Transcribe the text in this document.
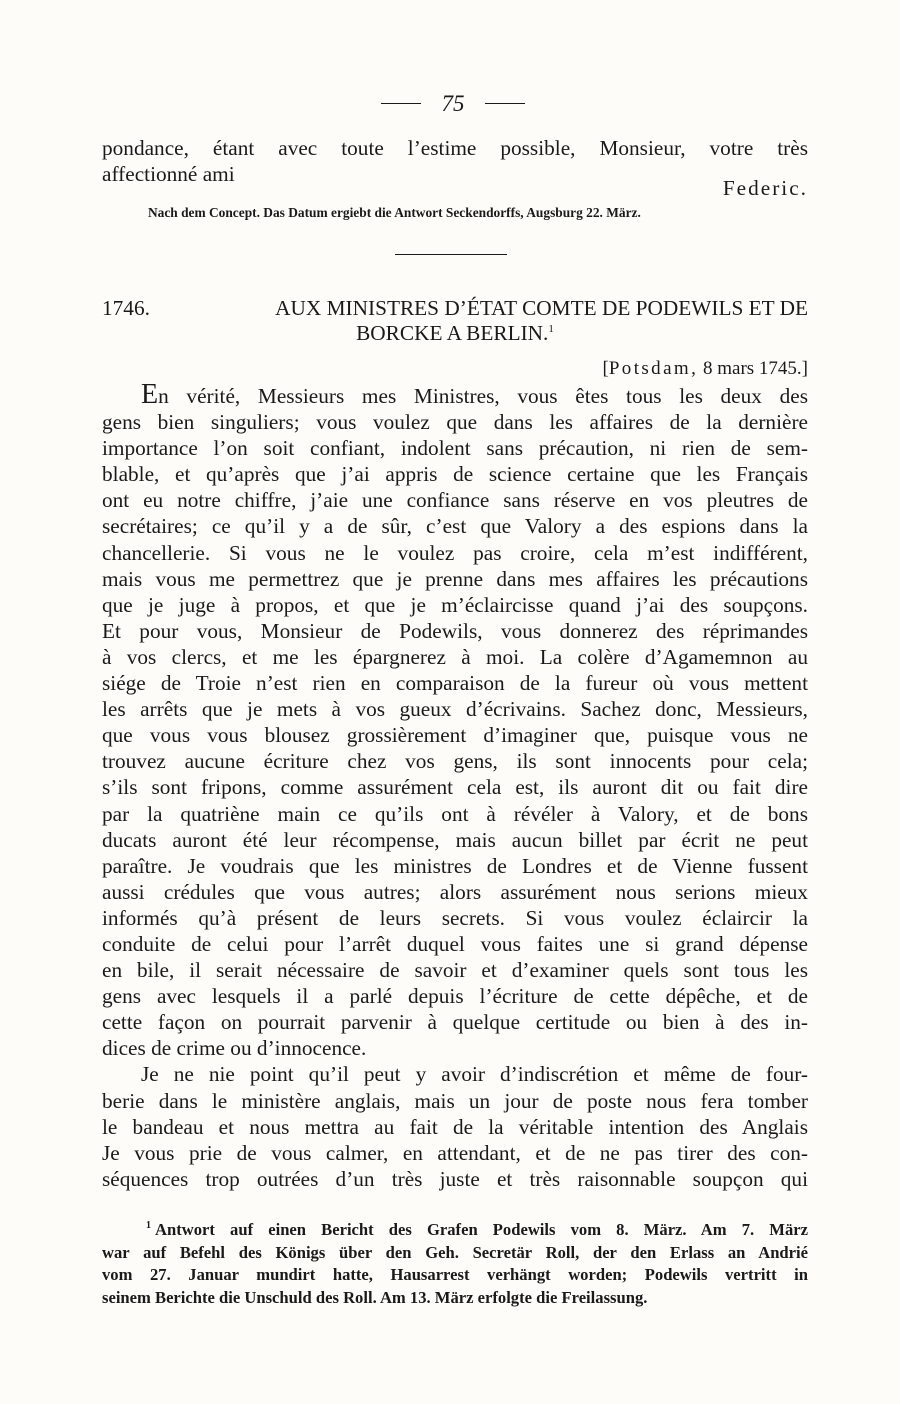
75
pondance, étant avec toute l’estime possible, Monsieur, votre très
affectionné ami
Federic.
Nach dem Concept. Das Datum ergiebt die Antwort Seckendorffs, Augsburg 22. März.
1746.	AUX MINISTRES D’ÉTAT COMTE DE PODEWILS ET DE
BORCKE A BERLIN.$^1$
[Potsdam, 8 mars 1745.]
En vérité, Messieurs mes Ministres, vous êtes tous les deux des
gens bien singuliers; vous voulez que dans les affaires de la dernière
importance l’on soit confiant, indolent sans précaution, ni rien de sem-
blable, et qu’après que j’ai appris de science certaine que les Français
ont eu notre chiffre, j’aie une confiance sans réserve en vos pleutres de
secrétaires; ce qu’il y a de sûr, c’est que Valory a des espions dans la
chancellerie. Si vous ne le voulez pas croire, cela m’est indifférent,
mais vous me permettrez que je prenne dans mes affaires les précautions
que je juge à propos, et que je m’éclaircisse quand j’ai des soupçons.
Et pour vous, Monsieur de Podewils, vous donnerez des réprimandes
à vos clercs, et me les épargnerez à moi. La colère d’Agamemnon au
siége de Troie n’est rien en comparaison de la fureur où vous mettent
les arrêts que je mets à vos gueux d’écrivains. Sachez donc, Messieurs,
que vous vous blousez grossièrement d’imaginer que, puisque vous ne
trouvez aucune écriture chez vos gens, ils sont innocents pour cela;
s’ils sont fripons, comme assurément cela est, ils auront dit ou fait dire
par la quatriène main ce qu’ils ont à révéler à Valory, et de bons
ducats auront été leur récompense, mais aucun billet par écrit ne peut
paraître. Je voudrais que les ministres de Londres et de Vienne fussent
aussi crédules que vous autres; alors assurément nous serions mieux
informés qu’à présent de leurs secrets. Si vous voulez éclaircir la
conduite de celui pour l’arrêt duquel vous faites une si grand dépense
en bile, il serait nécessaire de savoir et d’examiner quels sont tous les
gens avec lesquels il a parlé depuis l’écriture de cette dépêche, et de
cette façon on pourrait parvenir à quelque certitude ou bien à des in-
dices de crime ou d’innocence.
Je ne nie point qu’il peut y avoir d’indiscrétion et même de four-
berie dans le ministère anglais, mais un jour de poste nous fera tomber
le bandeau et nous mettra au fait de la véritable intention des Anglais
Je vous prie de vous calmer, en attendant, et de ne pas tirer des con-
séquences trop outrées d’un très juste et très raisonnable soupçon qui
$^1$ Antwort auf einen Bericht des Grafen Podewils vom 8. März. Am 7. März
war auf Befehl des Königs über den Geh. Secretär Roll, der den Erlass an Andrié
vom 27. Januar mundirt hatte, Hausarrest verhängt worden; Podewils vertritt in
seinem Berichte die Unschuld des Roll. Am 13. März erfolgte die Freilassung.
